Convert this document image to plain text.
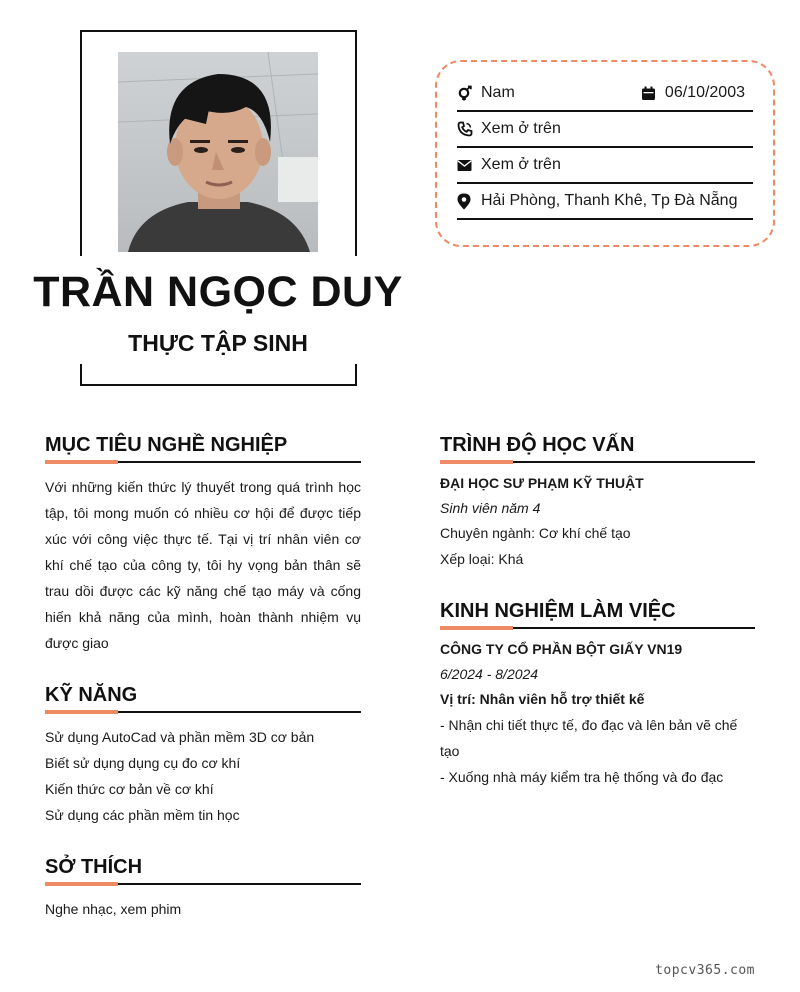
TRẦN NGỌC DUY
THỰC TẬP SINH
Nam	06/10/2003
Xem ở trên
Xem ở trên
Hải Phòng, Thanh Khê, Tp Đà Nẵng
MỤC TIÊU NGHỀ NGHIỆP
Với những kiến thức lý thuyết trong quá trình học tập, tôi mong muốn có nhiều cơ hội để được tiếp xúc với công việc thực tế. Tại vị trí nhân viên cơ khí chế tạo của công ty, tôi hy vọng bản thân sẽ trau dồi được các kỹ năng chế tạo máy và cống hiến khả năng của mình, hoàn thành nhiệm vụ được giao
KỸ NĂNG
Sử dụng AutoCad và phần mềm 3D cơ bản
Biết sử dụng dụng cụ đo cơ khí
Kiến thức cơ bản về cơ khí
Sử dụng các phần mềm tin học
SỞ THÍCH
Nghe nhạc, xem phim
TRÌNH ĐỘ HỌC VẤN
ĐẠI HỌC SƯ PHẠM KỸ THUẬT
Sinh viên năm 4
Chuyên ngành: Cơ khí chế tạo
Xếp loại: Khá
KINH NGHIỆM LÀM VIỆC
CÔNG TY CỔ PHẦN BỘT GIẤY VN19
6/2024 - 8/2024
Vị trí: Nhân viên hỗ trợ thiết kế
- Nhận chi tiết thực tế, đo đạc và lên bản vẽ chế tạo
- Xuống nhà máy kiểm tra hệ thống và đo đạc
topcv365.com
